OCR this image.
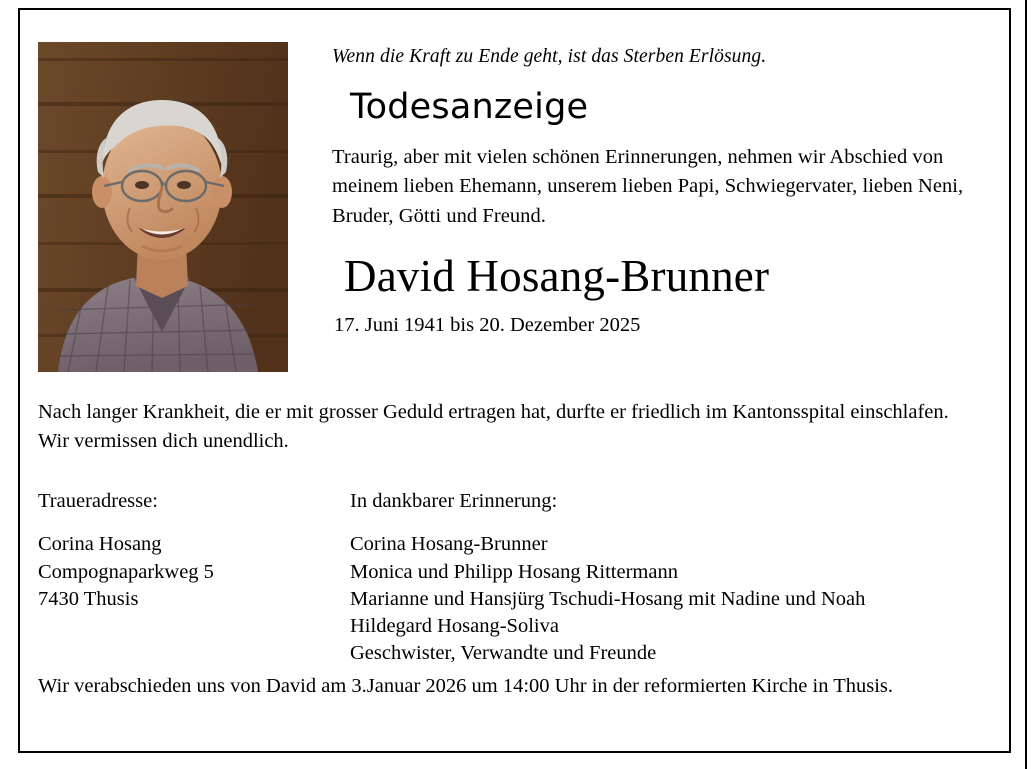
Wenn die Kraft zu Ende geht, ist das Sterben Erlösung.
Todesanzeige
Traurig, aber mit vielen schönen Erinnerungen, nehmen wir Abschied von meinem lieben Ehemann, unserem lieben Papi, Schwiegervater, lieben Neni, Bruder, Götti und Freund.
David Hosang-Brunner
17. Juni 1941 bis 20. Dezember 2025
Nach langer Krankheit, die er mit grosser Geduld ertragen hat, durfte er friedlich im Kantonsspital einschlafen. Wir vermissen dich unendlich.
Traueradresse:
Corina Hosang
Compognaparkweg 5
7430 Thusis
In dankbarer Erinnerung:
Corina Hosang-Brunner
Monica und Philipp Hosang Rittermann
Marianne und Hansjürg Tschudi-Hosang mit Nadine und Noah
Hildegard Hosang-Soliva
Geschwister, Verwandte und Freunde
Wir verabschieden uns von David am 3.Januar 2026 um 14:00 Uhr in der reformierten Kirche in Thusis.
